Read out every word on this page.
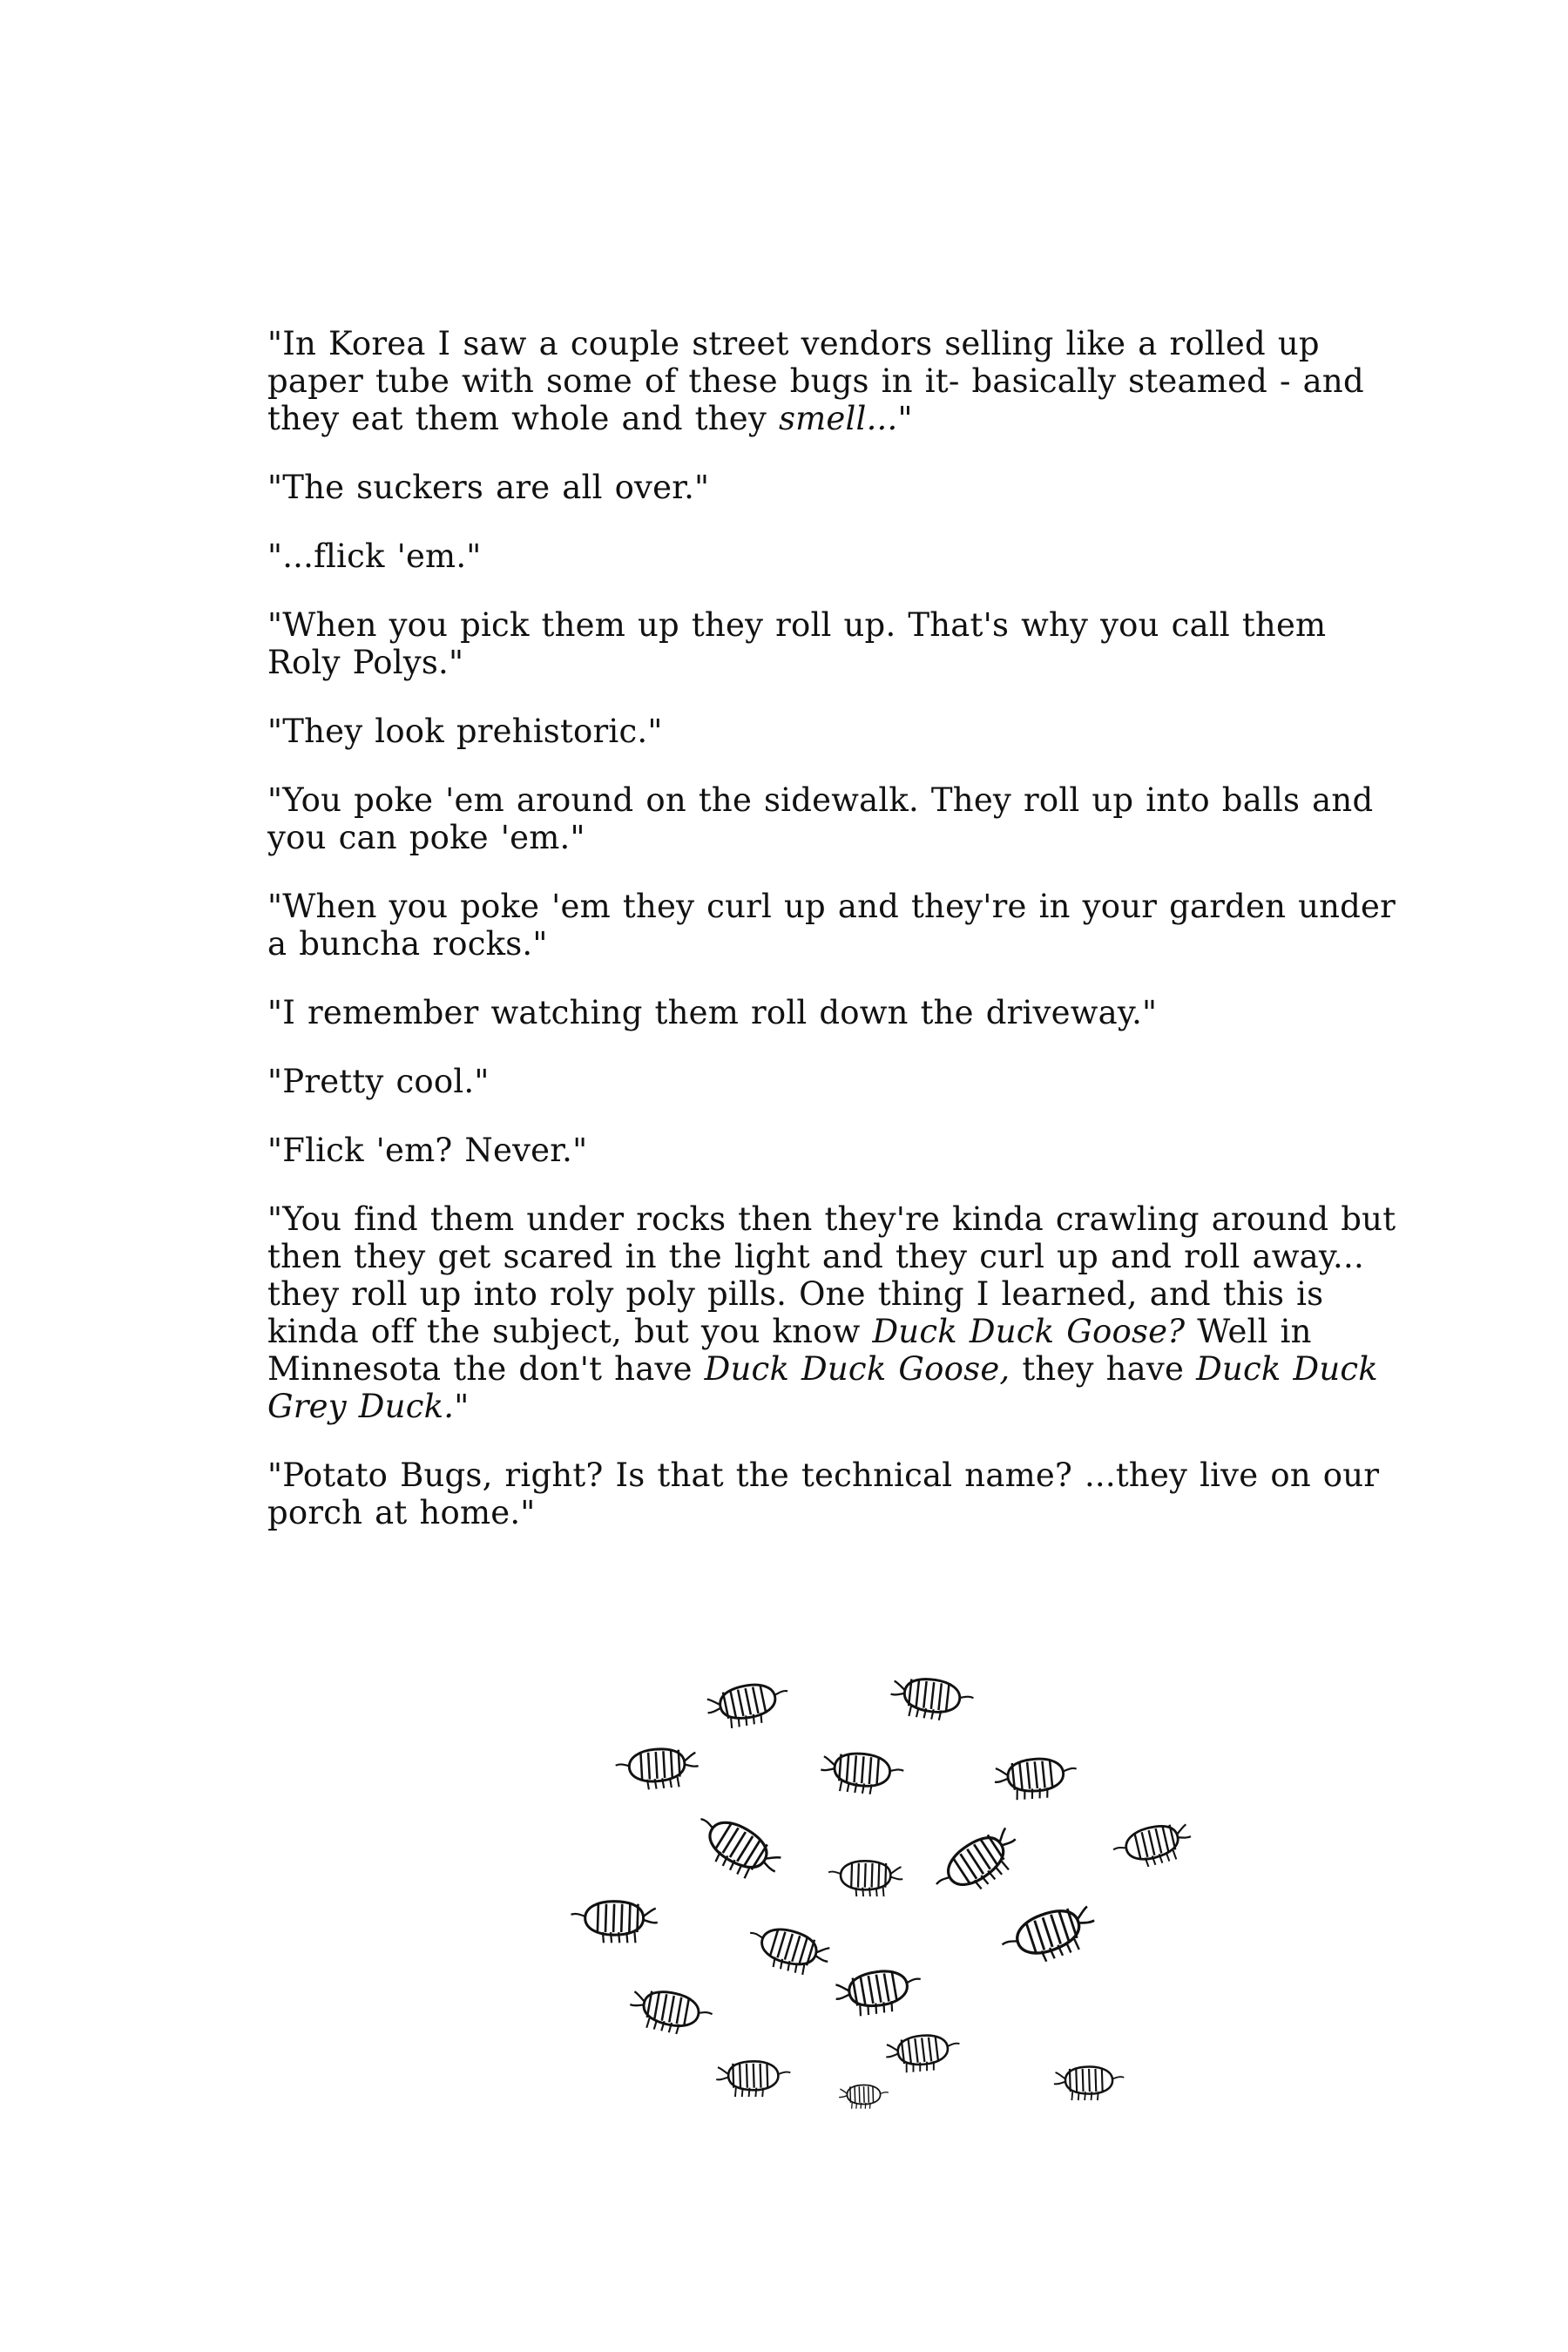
"In Korea I saw a couple street vendors selling like a rolled up paper tube with some of these bugs in it- basically steamed - and they eat them whole and they smell..."

"The suckers are all over."

"...flick 'em."

"When you pick them up they roll up. That's why you call them Roly Polys."

"They look prehistoric."

"You poke 'em around on the sidewalk. They roll up into balls and you can poke 'em."

"When you poke 'em they curl up and they're in your garden under a buncha rocks."

"I remember watching them roll down the driveway."

"Pretty cool."

"Flick 'em? Never."

"You find them under rocks then they're kinda crawling around but then they get scared in the light and they curl up and roll away... they roll up into roly poly pills. One thing I learned, and this is kinda off the subject, but you know Duck Duck Goose? Well in Minnesota the don't have Duck Duck Goose, they have Duck Duck Grey Duck."

"Potato Bugs, right? Is that the technical name? ...they live on our porch at home."
